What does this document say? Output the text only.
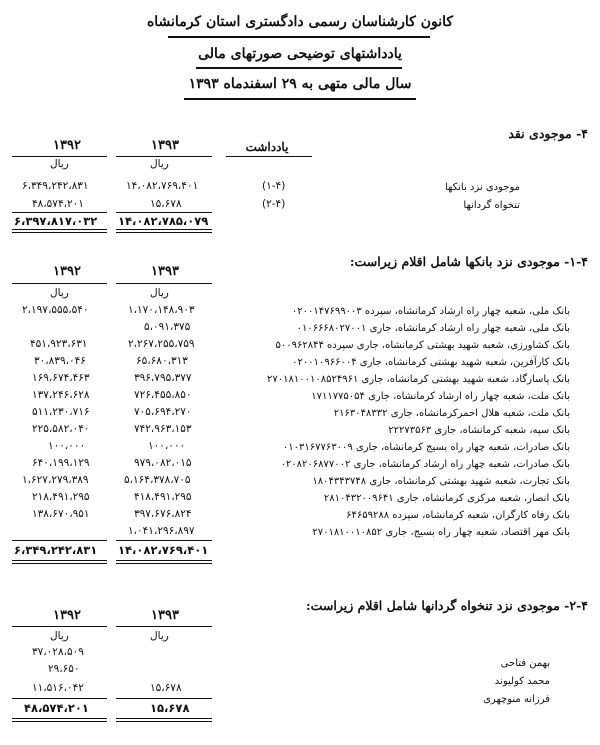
کانون کارشناسان رسمی دادگستری استان کرمانشاه
یادداشتهای توضیحی صورتهای مالی
سال مالی متهی به ۲۹ اسفندماه ۱۳۹۳
۴- موجودی نقد
یادداشت
۱۳۹۳
۱۳۹۲
ریال
ریال
موجودی نزد بانکها
(۱-۴)
۱۴،۰۸۲،۷۶۹،۴۰۱
۶،۳۴۹،۲۴۲،۸۳۱
تنخواه گردانها
(۲-۴)
۱۵،۶۷۸
۴۸،۵۷۴،۲۰۱
۱۴،۰۸۲،۷۸۵،۰۷۹
۶،۳۹۷،۸۱۷،۰۳۲
۱-۴- موجودی نزد بانکها شامل اقلام زیراست:
۱۳۹۳
۱۳۹۲
ریال
ریال
بانک ملی، شعبه چهار راه ارشاد کرمانشاه، سپرده ۰۲۰۰۱۴۷۶۹۹۰۰۳
۱،۱۷۰،۱۴۸،۹۰۳
۲،۱۹۷،۵۵۵،۵۴۰
بانک ملی، شعبه چهار راه ارشاد کرمانشاه، جاری ۰۱۰۶۶۶۸۰۲۷۰۰۱
۵،۰۹۱،۳۷۵
بانک کشاورزی، شعبه شهید بهشتی کرمانشاه، جاری سپرده ۵۰۰۹۶۲۸۴۴
۲،۲۶۷،۲۵۵،۷۵۹
۴۵۱،۹۲۳،۶۳۱
بانک کارآفرین، شعبه شهید بهشتی کرمانشاه، جاری ۰۲۰۰۱۰۹۶۶۰۰۴
۶۵،۶۸۰،۳۱۳
۳۰،۸۳۹،۰۴۶
بانک پاسارگاد، شعبه شهید بهشتی کرمانشاه، جاری ۲۷۰۱۸۱۰۰۱۰۸۵۲۴۹۶۱
۳۹۶،۷۹۵،۳۷۷
۱۶۹،۶۷۴،۴۶۳
بانک ملت، شعبه چهار راه ارشاد کرمانشاه، جاری ۱۷۱۱۷۷۵۰۵۴
۷۲۶،۴۵۵،۸۵۰
۱۳۷،۲۴۶،۶۲۸
بانک ملت، شعبه هلال احمرکرمانشاه، جاری ۲۱۶۳۰۴۸۳۳۲
۷۰۵،۶۹۴،۲۷۰
۵۱۱،۲۳۰،۷۱۶
بانک سپه، شعبه کرمانشاه، جاری ۲۲۲۷۳۵۶۳
۷۴۲،۹۶۳،۱۵۳
۲۲۵،۵۸۲،۰۴۰
بانک صادرات، شعبه چهار راه بسیج کرمانشاه، جاری ۰۱۰۳۱۶۷۷۶۳۰۰۹
۱۰۰،۰۰۰
۱۰۰،۰۰۰
بانک صادرات، شعبه چهار راه ارشاد کرمانشاه، جاری ۰۲۰۸۲۰۶۸۷۷۰۰۲
۹۷۹،۰۸۲،۰۱۵
۶۴۰،۱۹۹،۱۲۹
بانک تجارت، شعبه شهید بهشتی کرمانشاه، جاری ۱۸۰۴۳۴۳۷۴۸
۵،۱۶۴،۳۷۸،۷۰۵
۱،۶۲۷،۲۷۹،۳۸۹
بانک انصار، شعبه مرکزی کرمانشاه، جاری ۲۸۱۰۴۳۲۰۰۹۶۴۱
۴۱۸،۴۹۱،۲۹۵
۲۱۸،۴۹۱،۲۹۵
بانک رفاه کارگران، شعبه کرمانشاه، سپرده ۶۴۶۵۹۲۸۸
۳۹۷،۶۷۶،۸۲۴
۱۳۸،۶۷۰،۹۵۱
بانک مهر اقتصاد، شعبه چهار راه بسیج، جاری ۲۷۰۱۸۱۰۰۱۰۸۵۲
۱،۰۴۱،۲۹۶،۸۹۷
۱۴،۰۸۲،۷۶۹،۴۰۱
۶،۳۴۹،۲۴۲،۸۳۱
۲-۴- موجودی نزد تنخواه گردانها شامل اقلام زیراست:
۱۳۹۳
۱۳۹۲
ریال
ریال
بهمن فتاحی
۳۷،۰۲۸،۵۰۹
محمد کولیوند
۲۹،۶۵۰
فرزانه منوچهری
۱۵،۶۷۸
۱۱،۵۱۶،۰۴۲
۱۵،۶۷۸
۴۸،۵۷۴،۲۰۱
